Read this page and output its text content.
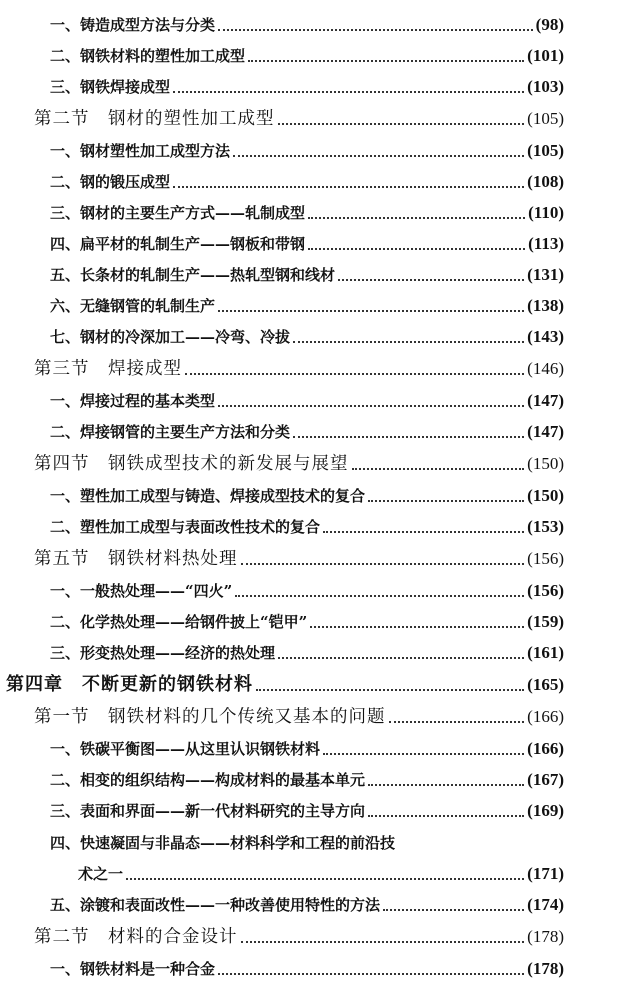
一、铸造成型方法与分类	(98)
二、钢铁材料的塑性加工成型	(101)
三、钢铁焊接成型	(103)
第二节　钢材的塑性加工成型	(105)
一、钢材塑性加工成型方法	(105)
二、钢的锻压成型	(108)
三、钢材的主要生产方式——轧制成型	(110)
四、扁平材的轧制生产——钢板和带钢	(113)
五、长条材的轧制生产——热轧型钢和线材	(131)
六、无缝钢管的轧制生产	(138)
七、钢材的冷深加工——冷弯、冷拔	(143)
第三节　焊接成型	(146)
一、焊接过程的基本类型	(147)
二、焊接钢管的主要生产方法和分类	(147)
第四节　钢铁成型技术的新发展与展望	(150)
一、塑性加工成型与铸造、焊接成型技术的复合	(150)
二、塑性加工成型与表面改性技术的复合	(153)
第五节　钢铁材料热处理	(156)
一、一般热处理——“四火”	(156)
二、化学热处理——给钢件披上“铠甲”	(159)
三、形变热处理——经济的热处理	(161)
第四章　不断更新的钢铁材料	(165)
第一节　钢铁材料的几个传统又基本的问题	(166)
一、铁碳平衡图——从这里认识钢铁材料	(166)
二、相变的组织结构——构成材料的最基本单元	(167)
三、表面和界面——新一代材料研究的主导方向	(169)
四、快速凝固与非晶态——材料科学和工程的前沿技
术之一	(171)
五、涂镀和表面改性——一种改善使用特性的方法	(174)
第二节　材料的合金设计	(178)
一、钢铁材料是一种合金	(178)
